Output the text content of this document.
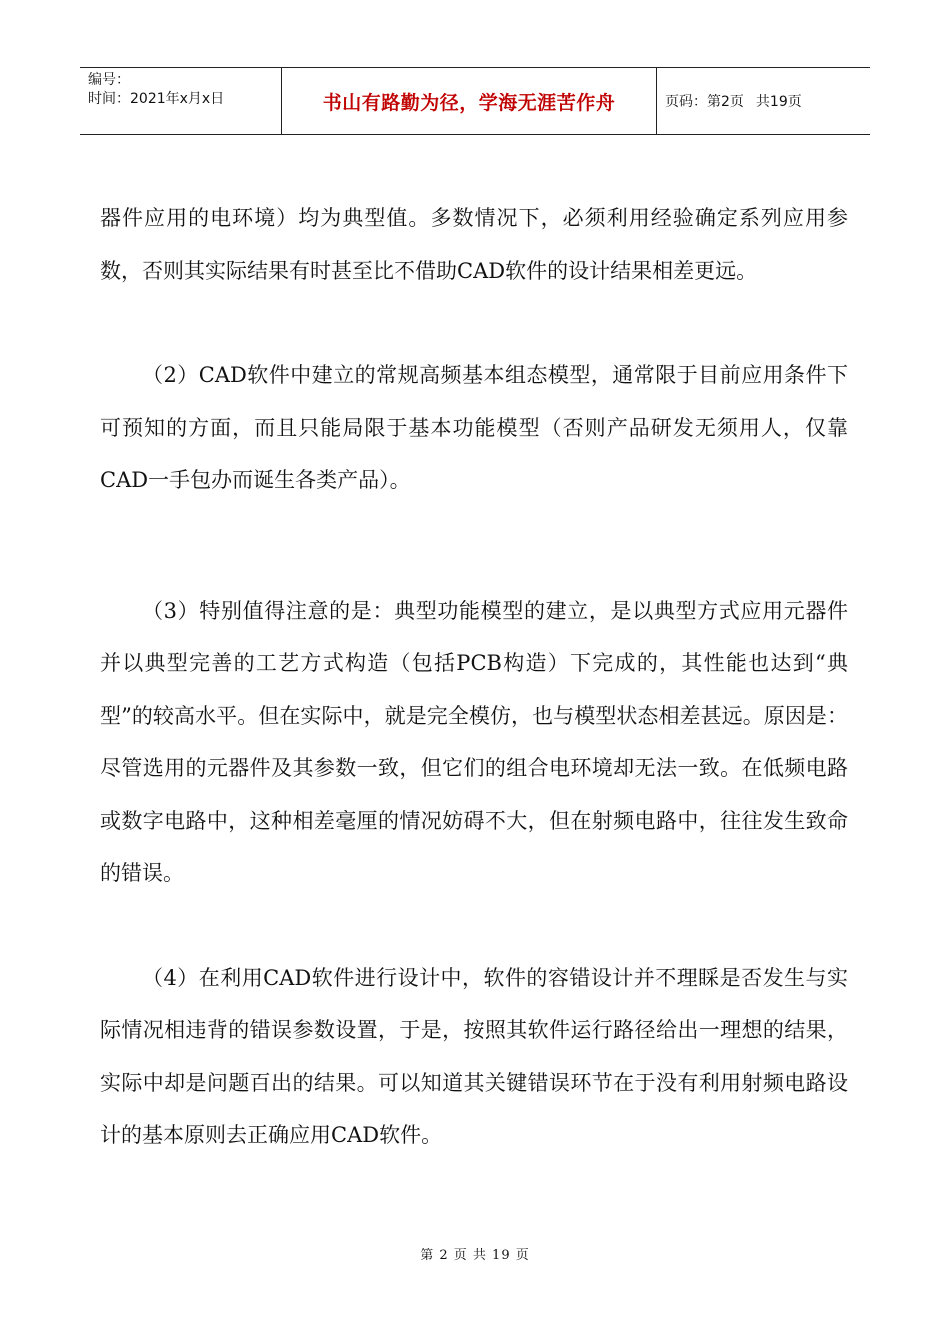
编号：
时间：2021年x月x日	书山有路勤为径，学海无涯苦作舟	页码：第2页 共19页

器件应用的电环境）均为典型值。多数情况下，必须利用经验确定系列应用参数，否则其实际结果有时甚至比不借助CAD软件的设计结果相差更远。

（2）CAD软件中建立的常规高频基本组态模型，通常限于目前应用条件下可预知的方面，而且只能局限于基本功能模型（否则产品研发无须用人，仅靠CAD一手包办而诞生各类产品）。

（3）特别值得注意的是：典型功能模型的建立，是以典型方式应用元器件并以典型完善的工艺方式构造（包括PCB构造）下完成的，其性能也达到“典型”的较高水平。但在实际中，就是完全模仿，也与模型状态相差甚远。原因是：尽管选用的元器件及其参数一致，但它们的组合电环境却无法一致。在低频电路或数字电路中，这种相差毫厘的情况妨碍不大，但在射频电路中，往往发生致命的错误。

（4）在利用CAD软件进行设计中，软件的容错设计并不理睬是否发生与实际情况相违背的错误参数设置，于是，按照其软件运行路径给出一理想的结果，实际中却是问题百出的结果。可以知道其关键错误环节在于没有利用射频电路设计的基本原则去正确应用CAD软件。

第 2 页 共 19 页
